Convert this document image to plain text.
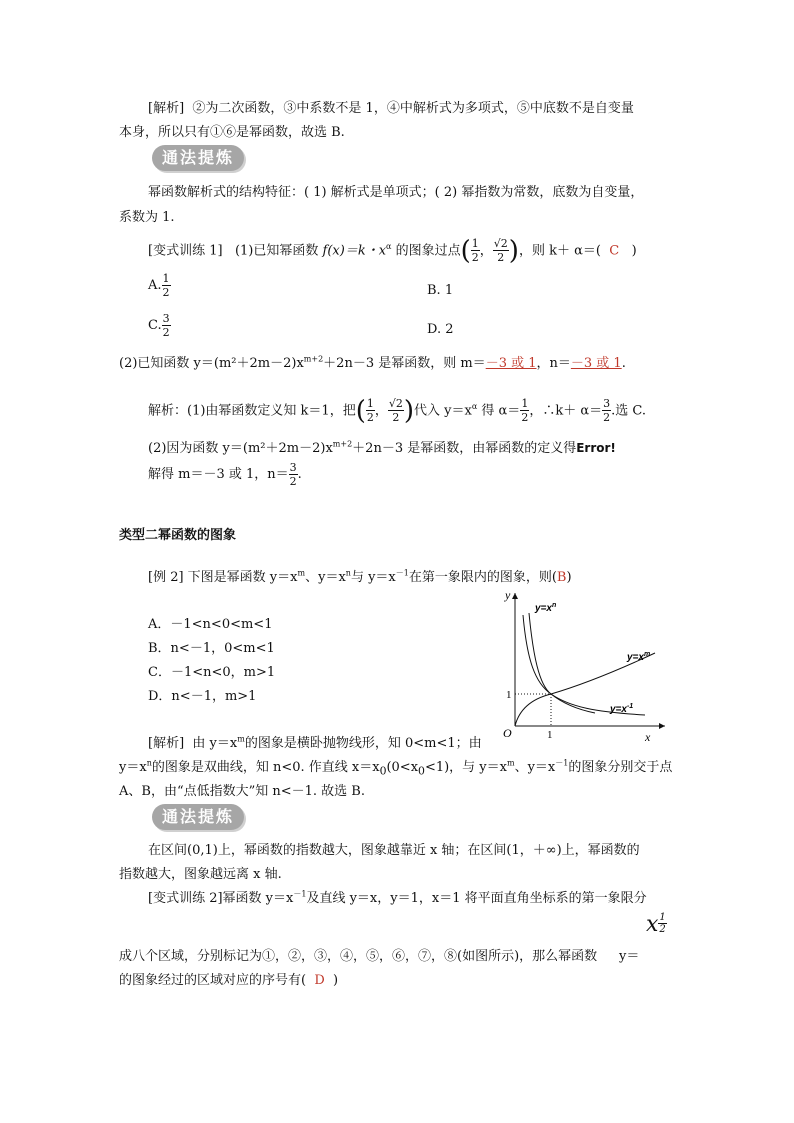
[解析] ②为二次函数，③中系数不是 1，④中解析式为多项式，⑤中底数不是自变量
本身，所以只有①⑥是幂函数，故选 B.
通法提炼
幂函数解析式的结构特征：( 1) 解析式是单项式；( 2) 幂指数为常数，底数为自变量，
系数为 1.
[变式训练 1] (1)已知幂函数 f(x)＝k・$x^\alpha$ 的图象过点( $\frac{1}{2}$ ， $\frac{√2}{2}$ )，则 k＋ α＝( C )
A. $\frac{1}{2}$	B. 1
C. $\frac{3}{2}$	D. 2
(2)已知函数 $y=(m^2+2m-2)x^{m+2}+2n-3$ 是幂函数，则 m＝－3 或 1，n＝－3 或 1.
解析：(1)由幂函数定义知 k＝1，把( $\frac{1}{2}$ ， $\frac{√2}{2}$ )代入 $y=x^\alpha$ 得 $\alpha= \frac{1}{2}$ ，∴k＋ $\alpha= \frac{3}{2}$ .选 C.
(2)因为函数 $y=(m^2+2m-2)x^{m+2}+2n-3$ 是幂函数，由幂函数的定义得Error!
解得 m＝－3 或 1，$n= \frac{3}{2}$ .
类型二幂函数的图象
[例 2] 下图是幂函数 $y=x^m$、$y=x^n$与 $y=x^{-1}$在第一象限内的图象，则(B)
A．－1<n<0<m<1
B．n<－1，0<m<1
C．－1<n<0，m>1
D．n<－1，m>1
y
x
O	1
1
$y=x^n$
$y=x^m$
$y=x^{-1}$
[解析] 由 $y=x^m$的图象是横卧抛物线形，知 0<m<1；由
$y=x^n$的图象是双曲线，知 n<0. 作直线 $x=x_0(0<x_0<1)$，与 $y=x^m$、$y=x^{-1}$的图象分别交于点
A、B，由“点低指数大”知 n<－1. 故选 B.
通法提炼
在区间(0,1)上，幂函数的指数越大，图象越靠近 x 轴；在区间(1，＋∞)上，幂函数的
指数越大，图象越远离 x 轴.
[变式训练 2]幂函数 $y=x^{-1}$及直线 y＝x，y＝1，x＝1 将平面直角坐标系的第一象限分
成八个区域，分别标记为①，②，③，④，⑤，⑥，⑦，⑧(如图所示)，那么幂函数
x $\frac{1}{2}$
y＝
的图象经过的区域对应的序号有( D )
